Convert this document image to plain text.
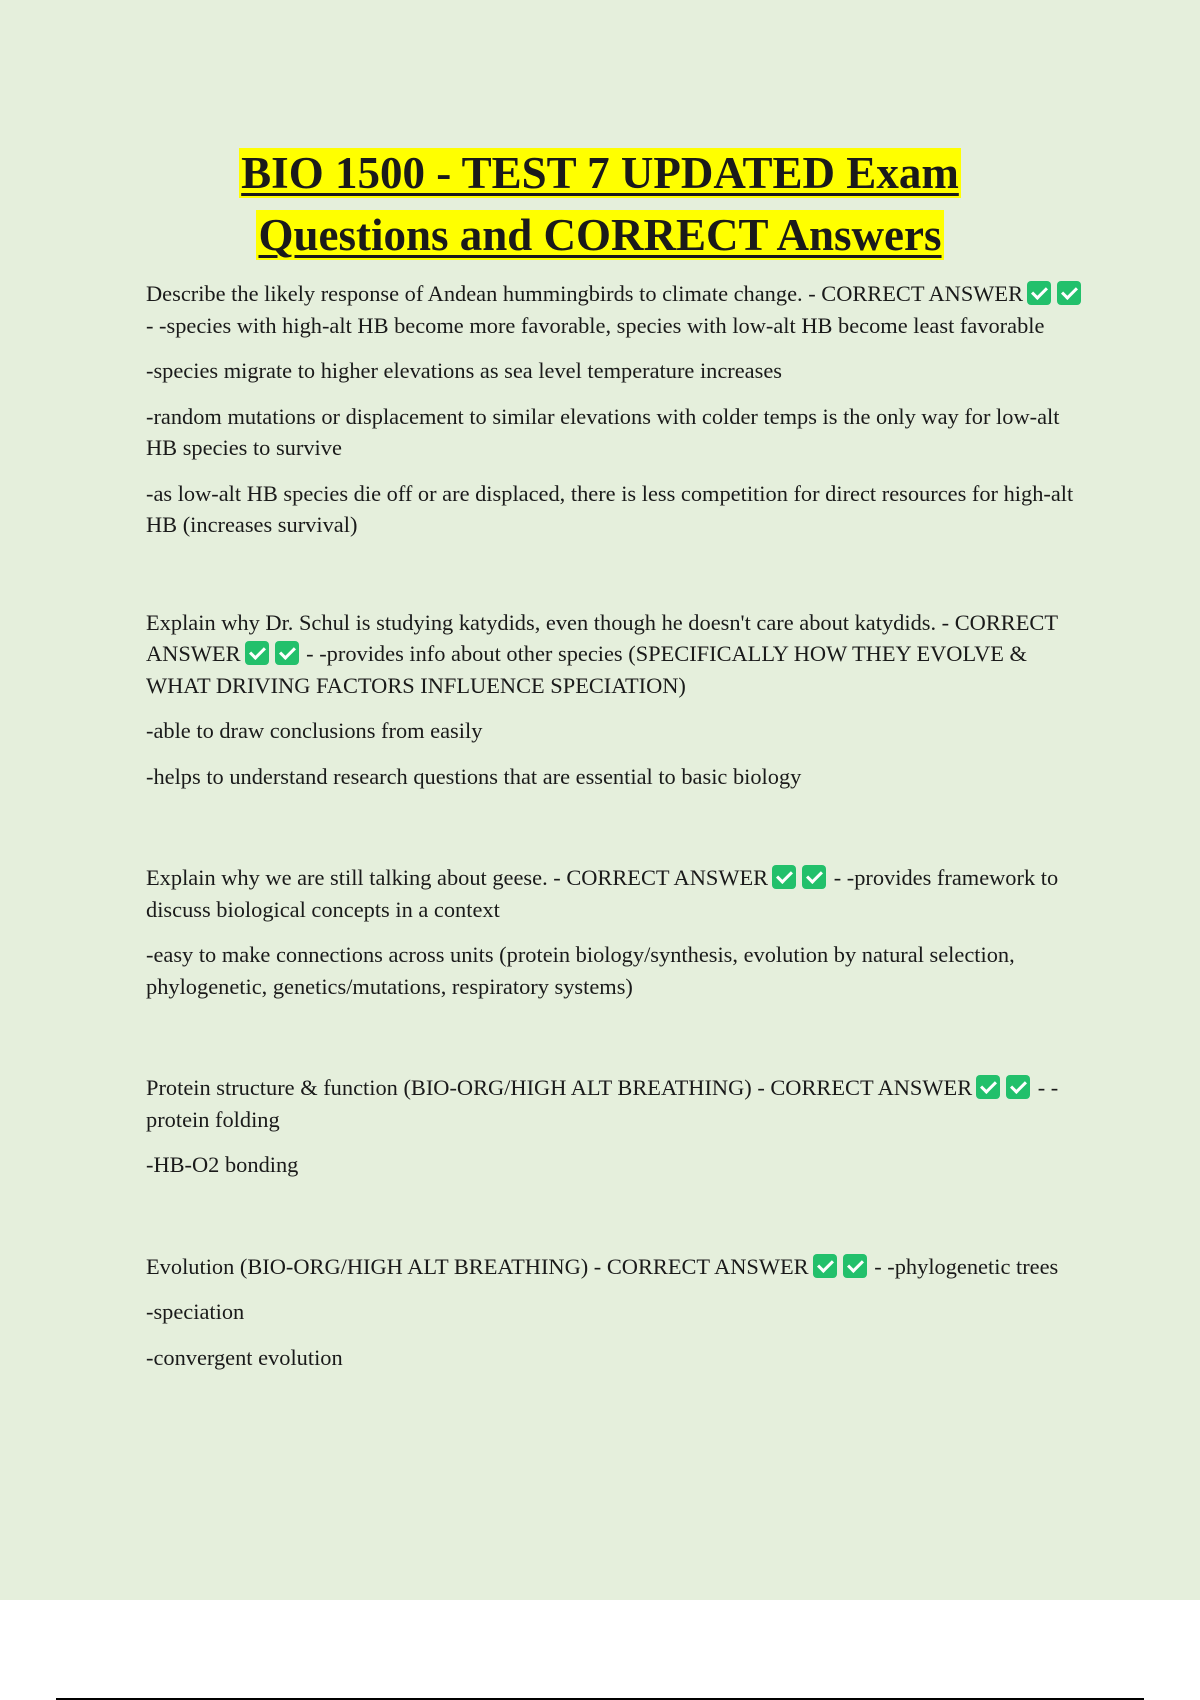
BIO 1500 - TEST 7 UPDATED Exam
Questions and CORRECT Answers

Describe the likely response of Andean hummingbirds to climate change. - CORRECT ANSWER - -species with high-alt HB become more favorable, species with low-alt HB become least favorable

-species migrate to higher elevations as sea level temperature increases

-random mutations or displacement to similar elevations with colder temps is the only way for low-alt HB species to survive

-as low-alt HB species die off or are displaced, there is less competition for direct resources for high-alt HB (increases survival)

Explain why Dr. Schul is studying katydids, even though he doesn't care about katydids. - CORRECT ANSWER	- -provides info about other species (SPECIFICALLY HOW THEY EVOLVE & WHAT DRIVING FACTORS INFLUENCE SPECIATION)

-able to draw conclusions from easily

-helps to understand research questions that are essential to basic biology

Explain why we are still talking about geese. - CORRECT ANSWER	- -provides framework to discuss biological concepts in a context

-easy to make connections across units (protein biology/synthesis, evolution by natural selection, phylogenetic, genetics/mutations, respiratory systems)

Protein structure & function (BIO-ORG/HIGH ALT BREATHING) - CORRECT ANSWER	- -protein folding

-HB-O2 bonding

Evolution (BIO-ORG/HIGH ALT BREATHING) - CORRECT ANSWER	- -phylogenetic trees

-speciation

-convergent evolution
